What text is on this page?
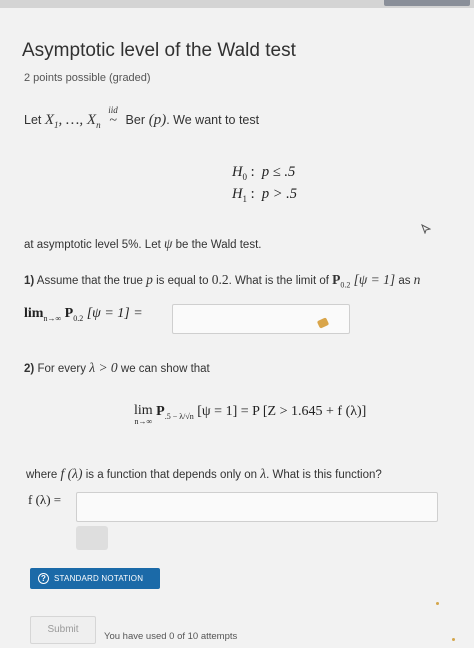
Asymptotic level of the Wald test
2 points possible (graded)
Let $X_1$, …, $X_n$
iid
~ Ber (p). We want to test
$H_0$ :  p ≤ .5
$H_1$ :  p > .5
at asymptotic level 5%. Let ψ be the Wald test.
1) Assume that the true p is equal to 0.2. What is the limit of $P_{0.2}$ [ψ = 1] as n
$\lim_{n\to\infty} P_{0.2}$ [ψ = 1] =
2) For every λ > 0 we can show that
lim
n→∞
$P_{.5 - \lambda/√n}$ [ψ = 1] = P [Z > 1.645 + f (λ)]
where f (λ) is a function that depends only on λ. What is this function?
f (λ) =
? STANDARD NOTATION
Submit
You have used 0 of 10 attempts
